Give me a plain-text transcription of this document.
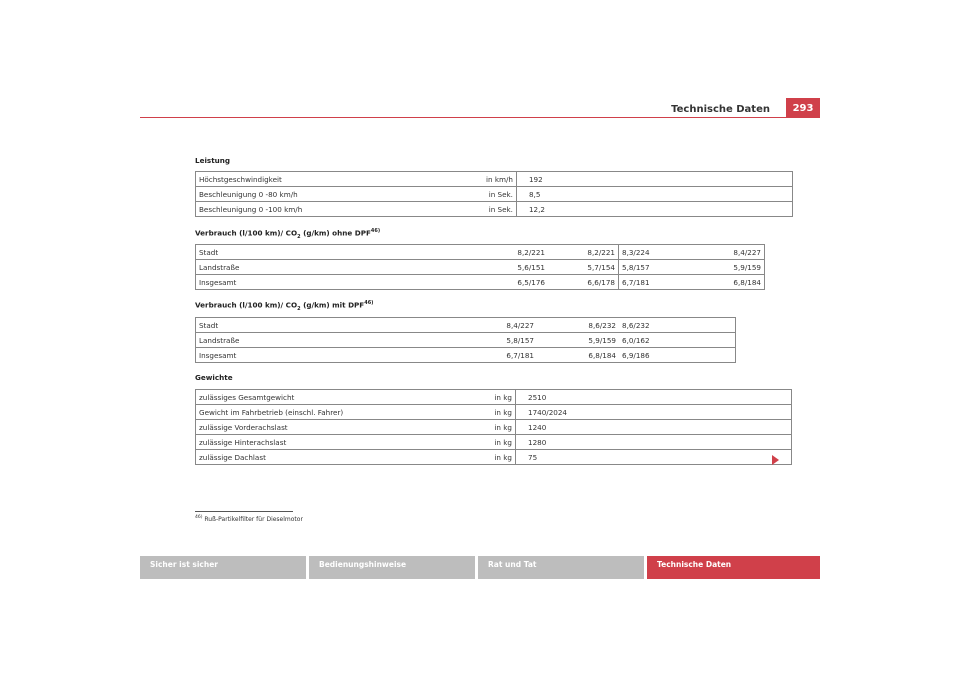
Technische Daten	293
Leistung
Höchstgeschwindigkeit	in km/h	192
Beschleunigung 0 -80 km/h	in Sek.	8,5
Beschleunigung 0 -100 km/h	in Sek.	12,2
Verbrauch (l/100 km)/ $CO_2$ (g/km) ohne DPF$^{46)}$
Stadt	8,2/221	8,2/221	8,3/224	8,4/227
Landstraße	5,6/151	5,7/154	5,8/157	5,9/159
Insgesamt	6,5/176	6,6/178	6,7/181	6,8/184
Verbrauch (l/100 km)/ $CO_2$ (g/km) mit DPF$^{46)}$
Stadt	8,4/227	8,6/232	8,6/232	
Landstraße	5,8/157	5,9/159	6,0/162	
Insgesamt	6,7/181	6,8/184	6,9/186	
Gewichte
zulässiges Gesamtgewicht	in kg	2510
Gewicht im Fahrbetrieb (einschl. Fahrer)	in kg	1740/2024
zulässige Vorderachslast	in kg	1240
zulässige Hinterachslast	in kg	1280
zulässige Dachlast	in kg	75
$^{46)}$ Ruß-Partikelfilter für Dieselmotor
Sicher ist sicher	Bedienungshinweise	Rat und Tat	Technische Daten
